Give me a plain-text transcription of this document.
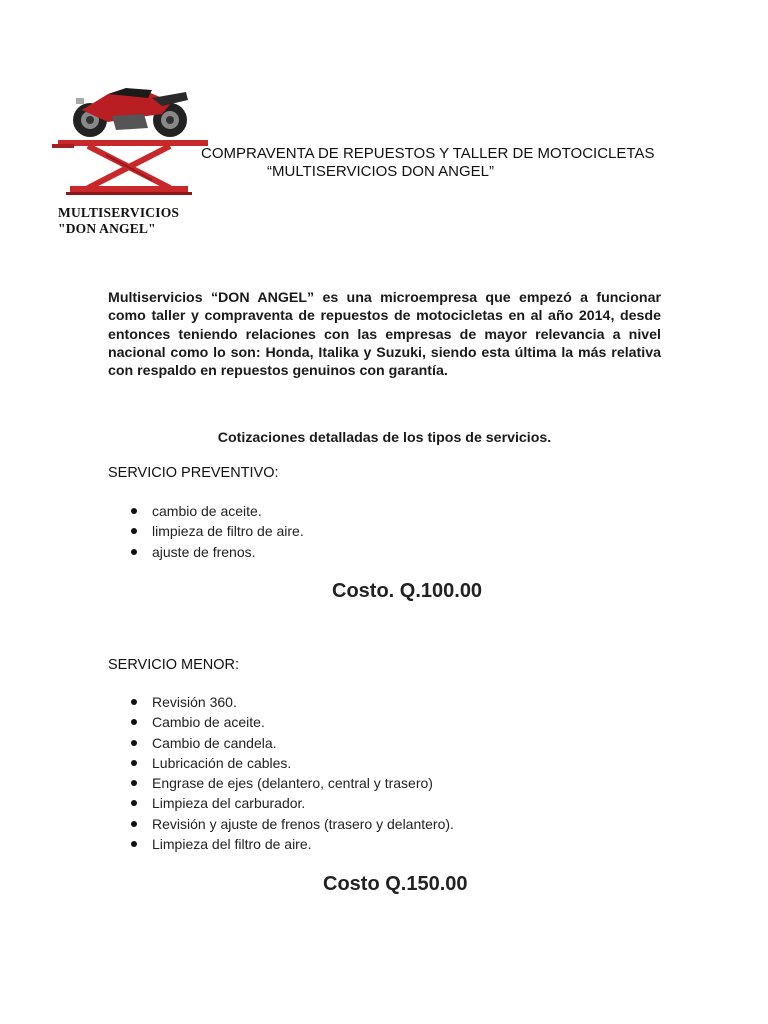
MULTISERVICIOS
"DON ANGEL"
COMPRAVENTA DE REPUESTOS Y TALLER DE MOTOCICLETAS
“MULTISERVICIOS DON ANGEL”

Multiservicios “DON ANGEL” es una microempresa que empezó a funcionar como taller y compraventa de repuestos de motocicletas en al año 2014, desde entonces teniendo relaciones con las empresas de mayor relevancia a nivel nacional como lo son: Honda, Italika y Suzuki, siendo esta última la más relativa con respaldo en repuestos genuinos con garantía.

Cotizaciones detalladas de los tipos de servicios.
SERVICIO PREVENTIVO:
cambio de aceite.
limpieza de filtro de aire.
ajuste de frenos.
Costo. Q.100.00
SERVICIO MENOR:
Revisión 360.
Cambio de aceite.
Cambio de candela.
Lubricación de cables.
Engrase de ejes (delantero, central y trasero)
Limpieza del carburador.
Revisión y ajuste de frenos (trasero y delantero).
Limpieza del filtro de aire.
Costo Q.150.00
